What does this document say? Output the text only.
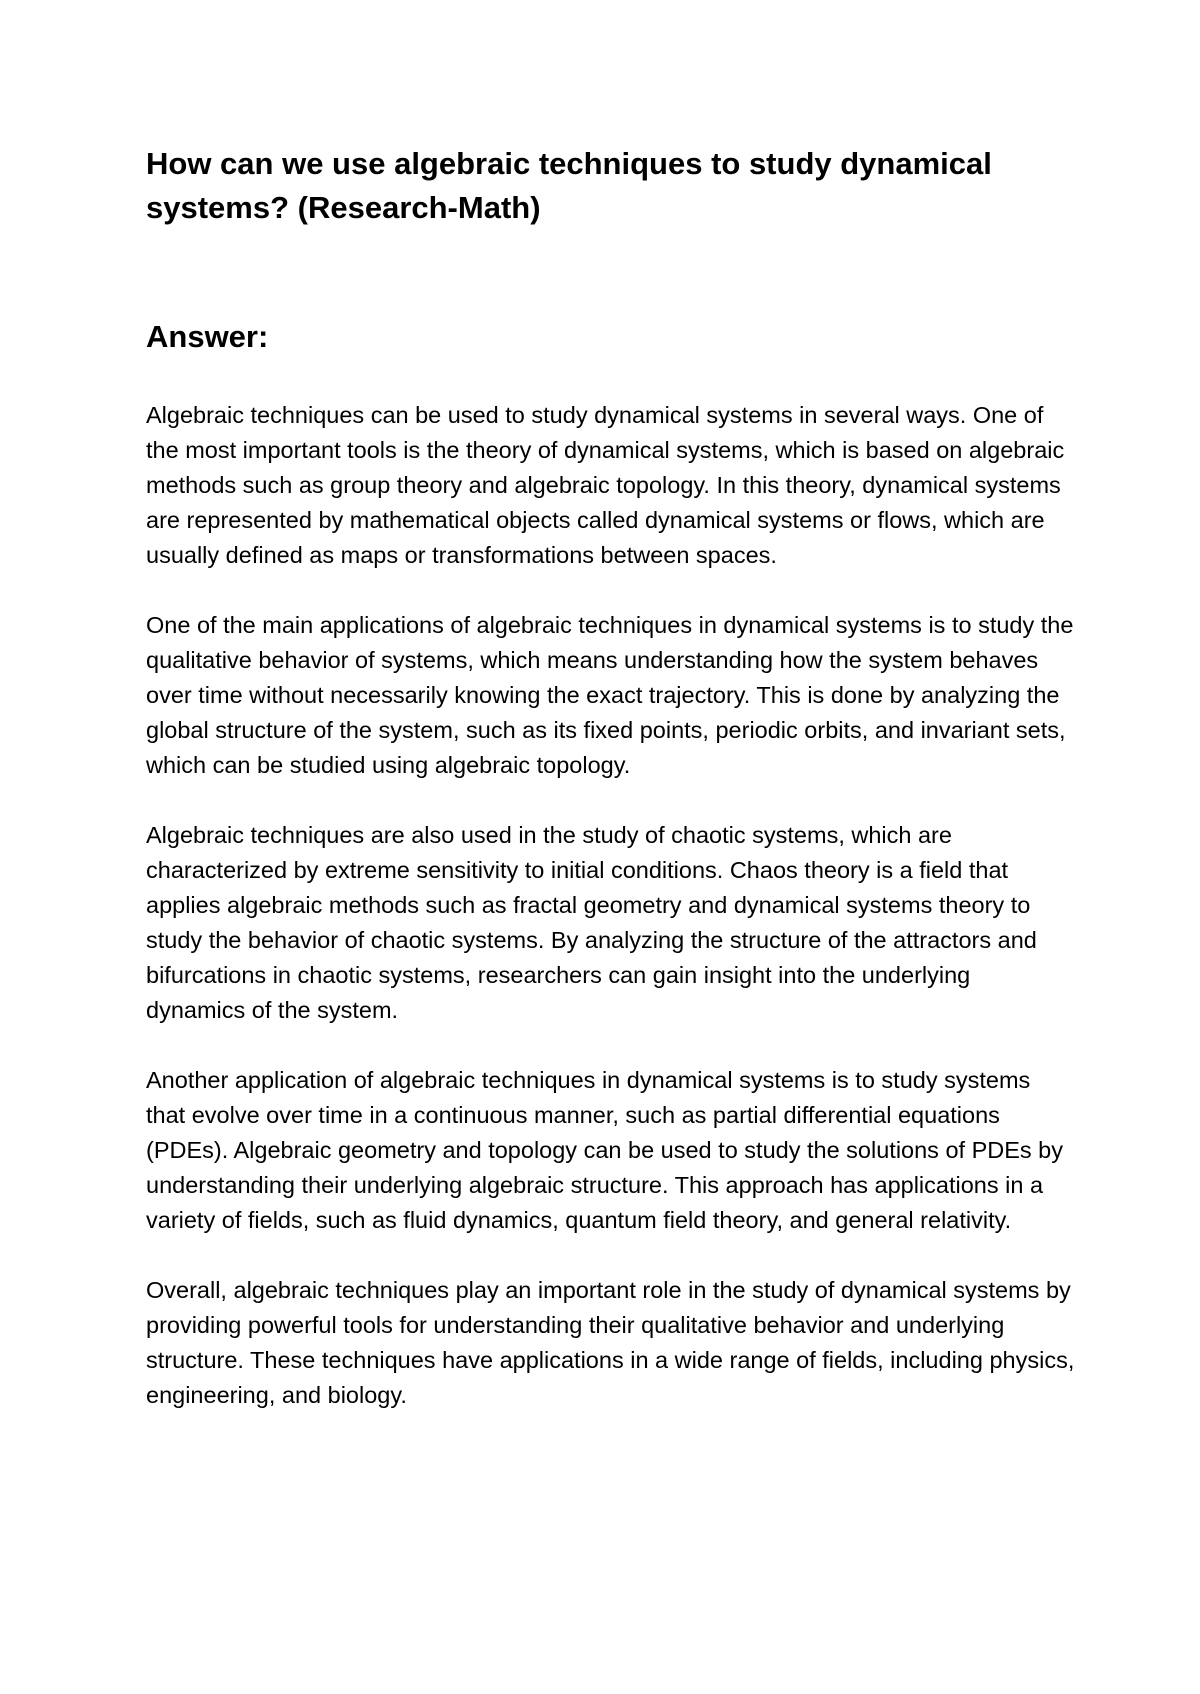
How can we use algebraic techniques to study dynamical systems? (Research-Math)
Answer:

Algebraic techniques can be used to study dynamical systems in several ways. One of the most important tools is the theory of dynamical systems, which is based on algebraic methods such as group theory and algebraic topology. In this theory, dynamical systems are represented by mathematical objects called dynamical systems or flows, which are usually defined as maps or transformations between spaces.

One of the main applications of algebraic techniques in dynamical systems is to study the qualitative behavior of systems, which means understanding how the system behaves over time without necessarily knowing the exact trajectory. This is done by analyzing the global structure of the system, such as its fixed points, periodic orbits, and invariant sets, which can be studied using algebraic topology.

Algebraic techniques are also used in the study of chaotic systems, which are characterized by extreme sensitivity to initial conditions. Chaos theory is a field that applies algebraic methods such as fractal geometry and dynamical systems theory to study the behavior of chaotic systems. By analyzing the structure of the attractors and bifurcations in chaotic systems, researchers can gain insight into the underlying dynamics of the system.

Another application of algebraic techniques in dynamical systems is to study systems that evolve over time in a continuous manner, such as partial differential equations (PDEs). Algebraic geometry and topology can be used to study the solutions of PDEs by understanding their underlying algebraic structure. This approach has applications in a variety of fields, such as fluid dynamics, quantum field theory, and general relativity.

Overall, algebraic techniques play an important role in the study of dynamical systems by providing powerful tools for understanding their qualitative behavior and underlying structure. These techniques have applications in a wide range of fields, including physics, engineering, and biology.
